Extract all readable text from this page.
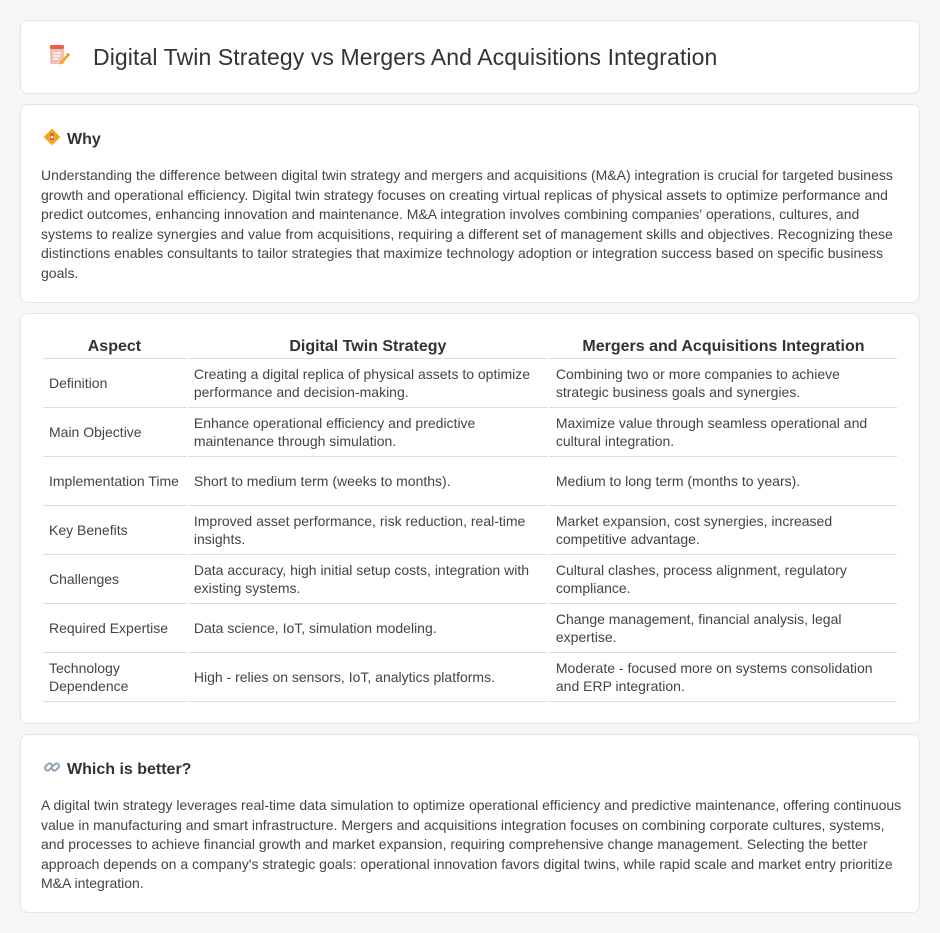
Digital Twin Strategy vs Mergers And Acquisitions Integration
Why

Understanding the difference between digital twin strategy and mergers and acquisitions (M&A) integration is crucial for targeted business growth and operational efficiency. Digital twin strategy focuses on creating virtual replicas of physical assets to optimize performance and predict outcomes, enhancing innovation and maintenance. M&A integration involves combining companies' operations, cultures, and systems to realize synergies and value from acquisitions, requiring a different set of management skills and objectives. Recognizing these distinctions enables consultants to tailor strategies that maximize technology adoption or integration success based on specific business goals.

Aspect	Digital Twin Strategy	Mergers and Acquisitions Integration
Definition	Creating a digital replica of physical assets to optimize performance and decision-making.	Combining two or more companies to achieve strategic business goals and synergies.
Main Objective	Enhance operational efficiency and predictive maintenance through simulation.	Maximize value through seamless operational and cultural integration.
Implementation Time	Short to medium term (weeks to months).	Medium to long term (months to years).
Key Benefits	Improved asset performance, risk reduction, real-time insights.	Market expansion, cost synergies, increased competitive advantage.
Challenges	Data accuracy, high initial setup costs, integration with existing systems.	Cultural clashes, process alignment, regulatory compliance.
Required Expertise	Data science, IoT, simulation modeling.	Change management, financial analysis, legal expertise.
Technology Dependence	High - relies on sensors, IoT, analytics platforms.	Moderate - focused more on systems consolidation and ERP integration.
Which is better?

A digital twin strategy leverages real-time data simulation to optimize operational efficiency and predictive maintenance, offering continuous value in manufacturing and smart infrastructure. Mergers and acquisitions integration focuses on combining corporate cultures, systems, and processes to achieve financial growth and market expansion, requiring comprehensive change management. Selecting the better approach depends on a company's strategic goals: operational innovation favors digital twins, while rapid scale and market entry prioritize M&A integration.
